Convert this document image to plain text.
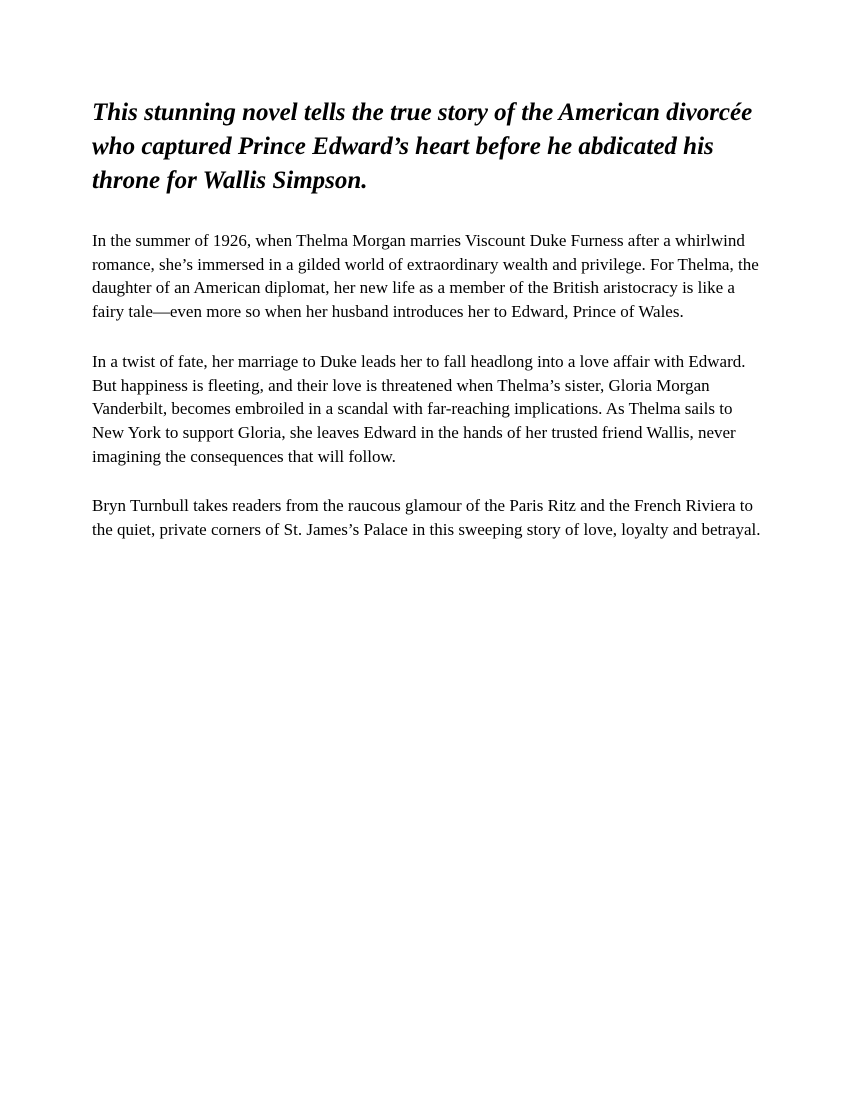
This stunning novel tells the true story of the American divorcée who captured Prince Edward’s heart before he abdicated his throne for Wallis Simpson.

In the summer of 1926, when Thelma Morgan marries Viscount Duke Furness after a whirlwind romance, she’s immersed in a gilded world of extraordinary wealth and privilege. For Thelma, the daughter of an American diplomat, her new life as a member of the British aristocracy is like a fairy tale—even more so when her husband introduces her to Edward, Prince of Wales.

In a twist of fate, her marriage to Duke leads her to fall headlong into a love affair with Edward. But happiness is fleeting, and their love is threatened when Thelma’s sister, Gloria Morgan Vanderbilt, becomes embroiled in a scandal with far-reaching implications. As Thelma sails to New York to support Gloria, she leaves Edward in the hands of her trusted friend Wallis, never imagining the consequences that will follow.

Bryn Turnbull takes readers from the raucous glamour of the Paris Ritz and the French Riviera to the quiet, private corners of St. James’s Palace in this sweeping story of love, loyalty and betrayal.
